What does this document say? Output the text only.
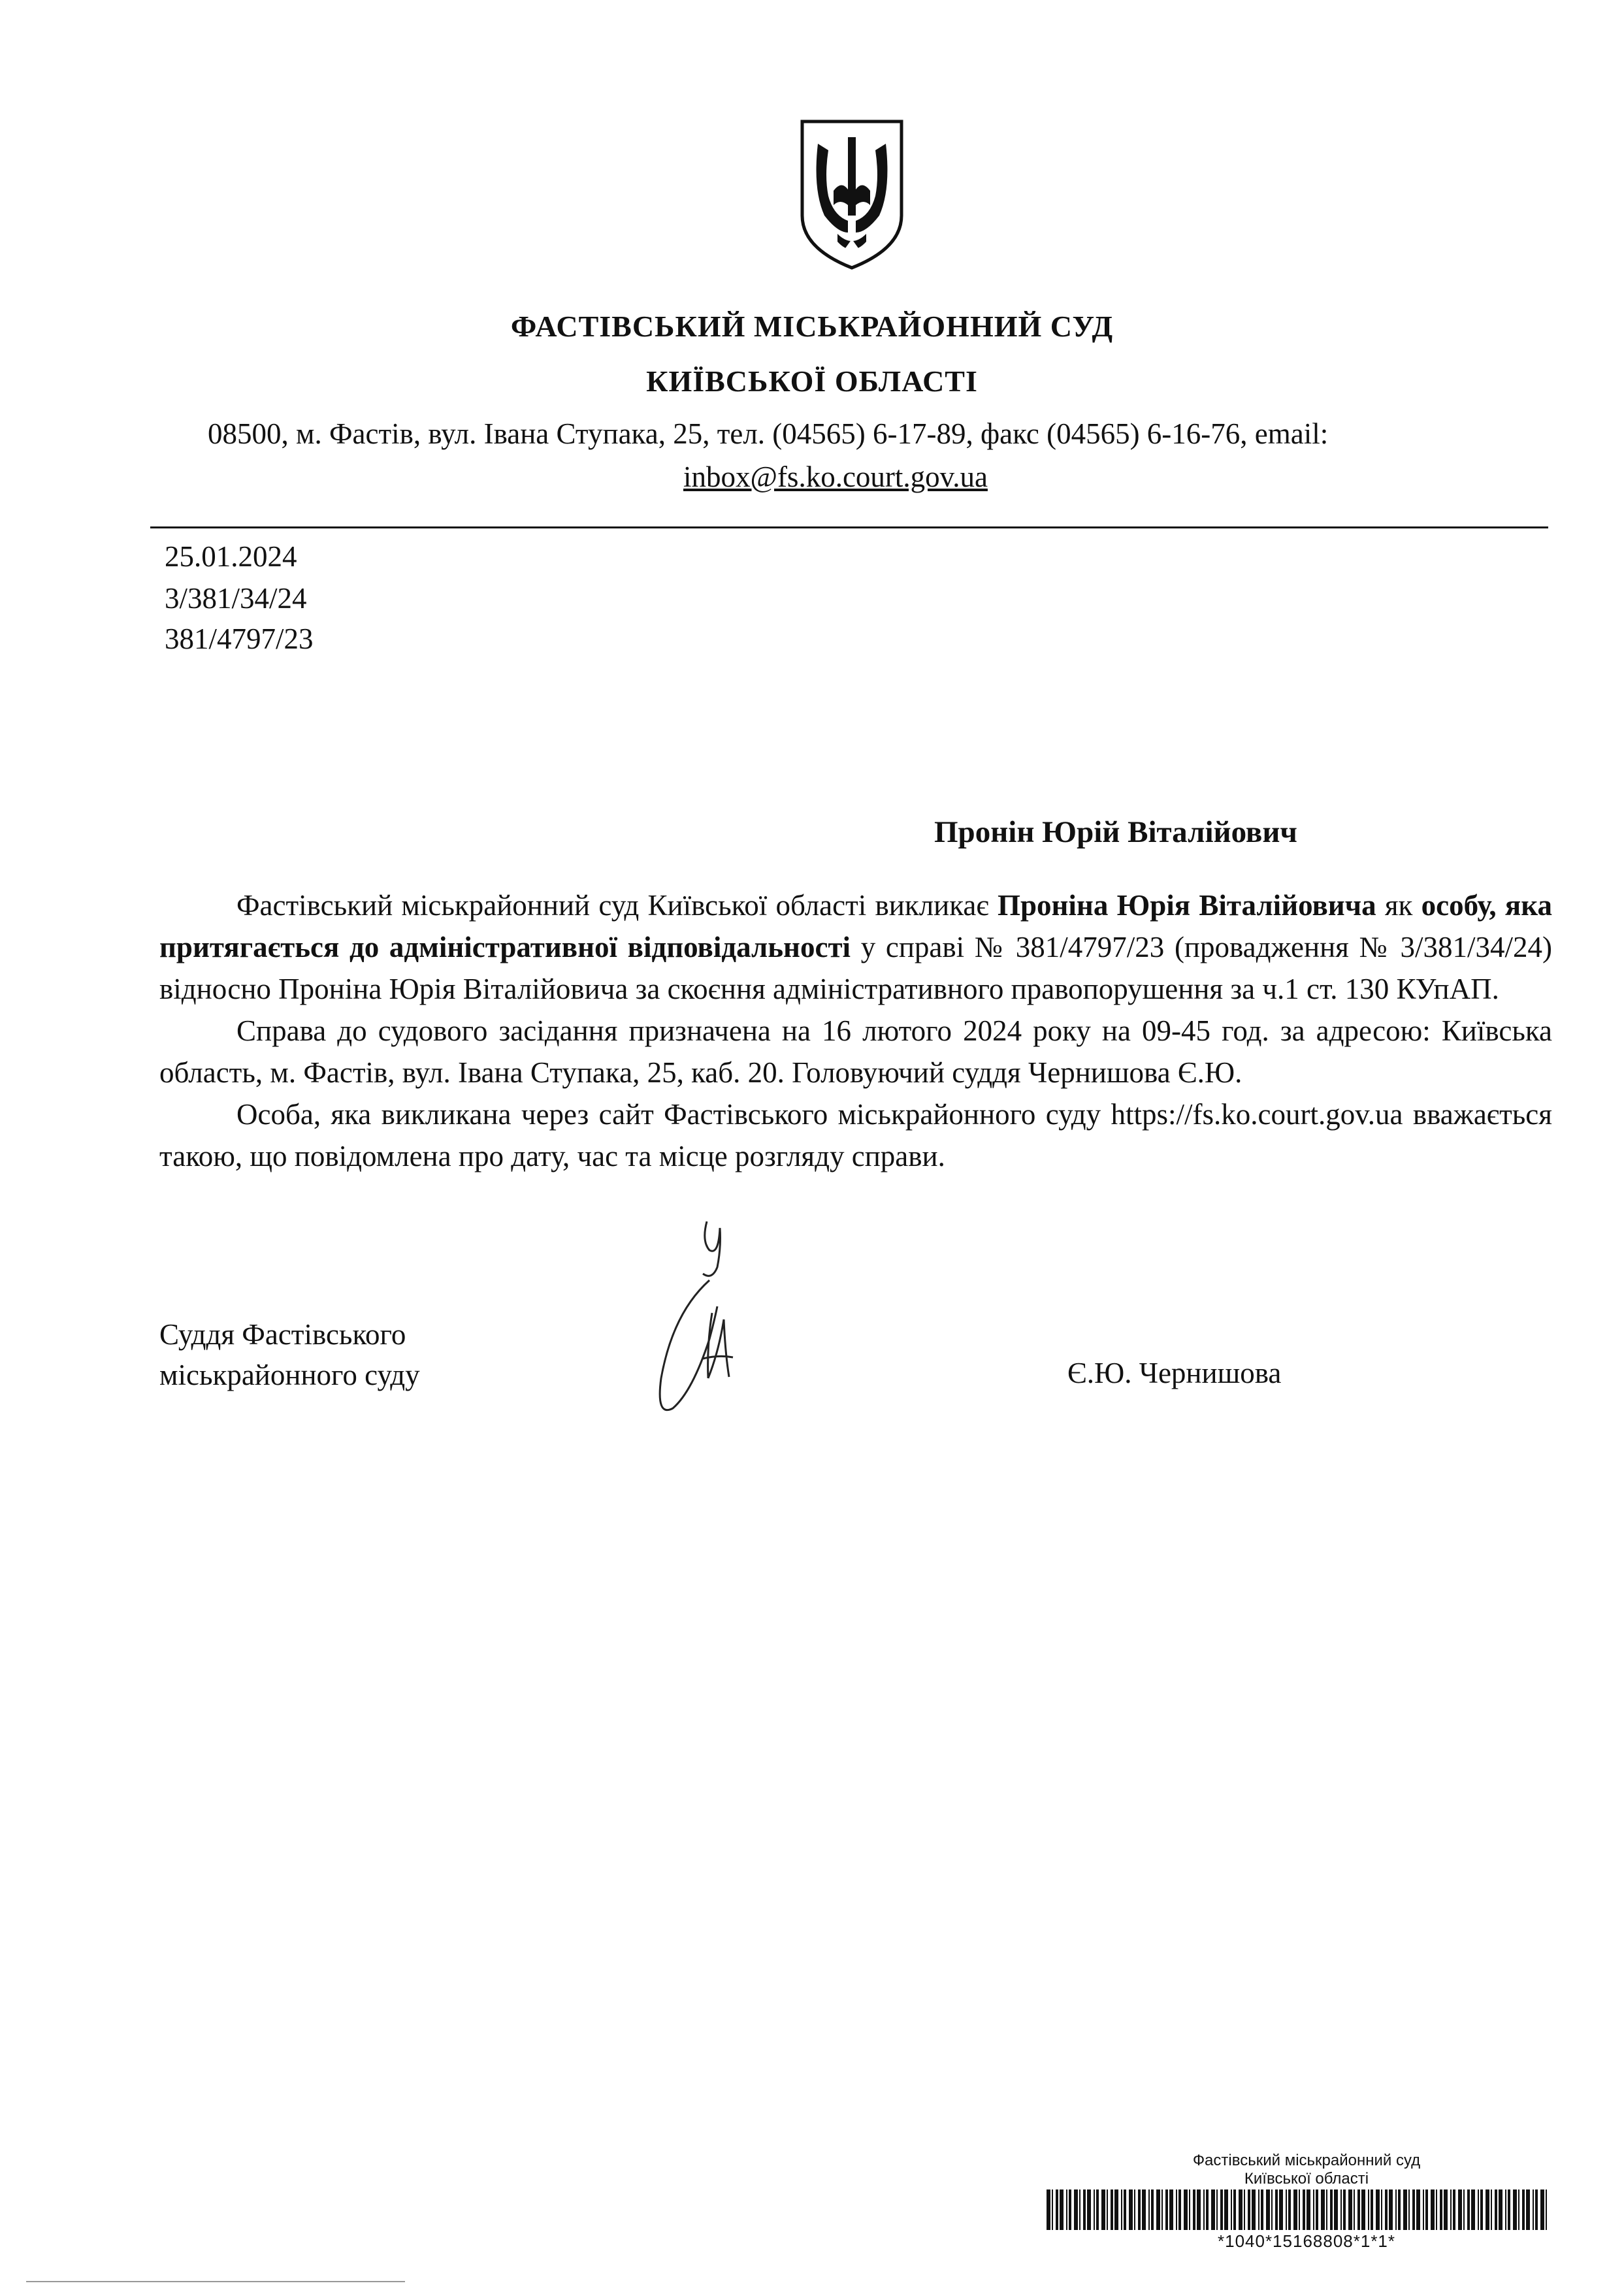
ФАСТІВСЬКИЙ МІСЬКРАЙОННИЙ СУД
КИЇВСЬКОЇ ОБЛАСТІ
08500, м. Фастів, вул. Івана Ступака, 25, тел. (04565) 6-17-89, факс (04565) 6-16-76, email:
inbox@fs.ko.court.gov.ua
25.01.2024
3/381/34/24
381/4797/23
Пронін Юрій Віталійович

Фастівський міськрайонний суд Київської області викликає Проніна Юрія Віталійовича як особу, яка притягається до адміністративної відповідальності у справі № 381/4797/23 (провадження № 3/381/34/24) відносно Проніна Юрія Віталійовича за скоєння адміністративного правопорушення за ч.1 ст. 130 КУпАП.

Справа до судового засідання призначена на 16 лютого 2024 року на 09-45 год. за адресою: Київська область, м. Фастів, вул. Івана Ступака, 25, каб. 20. Головуючий суддя Чернишова Є.Ю.

Особа, яка викликана через сайт Фастівського міськрайонного суду https://fs.ko.court.gov.ua вважається такою, що повідомлена про дату, час та місце розгляду справи.

Суддя Фастівського
міськрайонного суду	Є.Ю. Чернишова
Фастівський міськрайонний суд
Київської області
*1040*15168808*1*1*
